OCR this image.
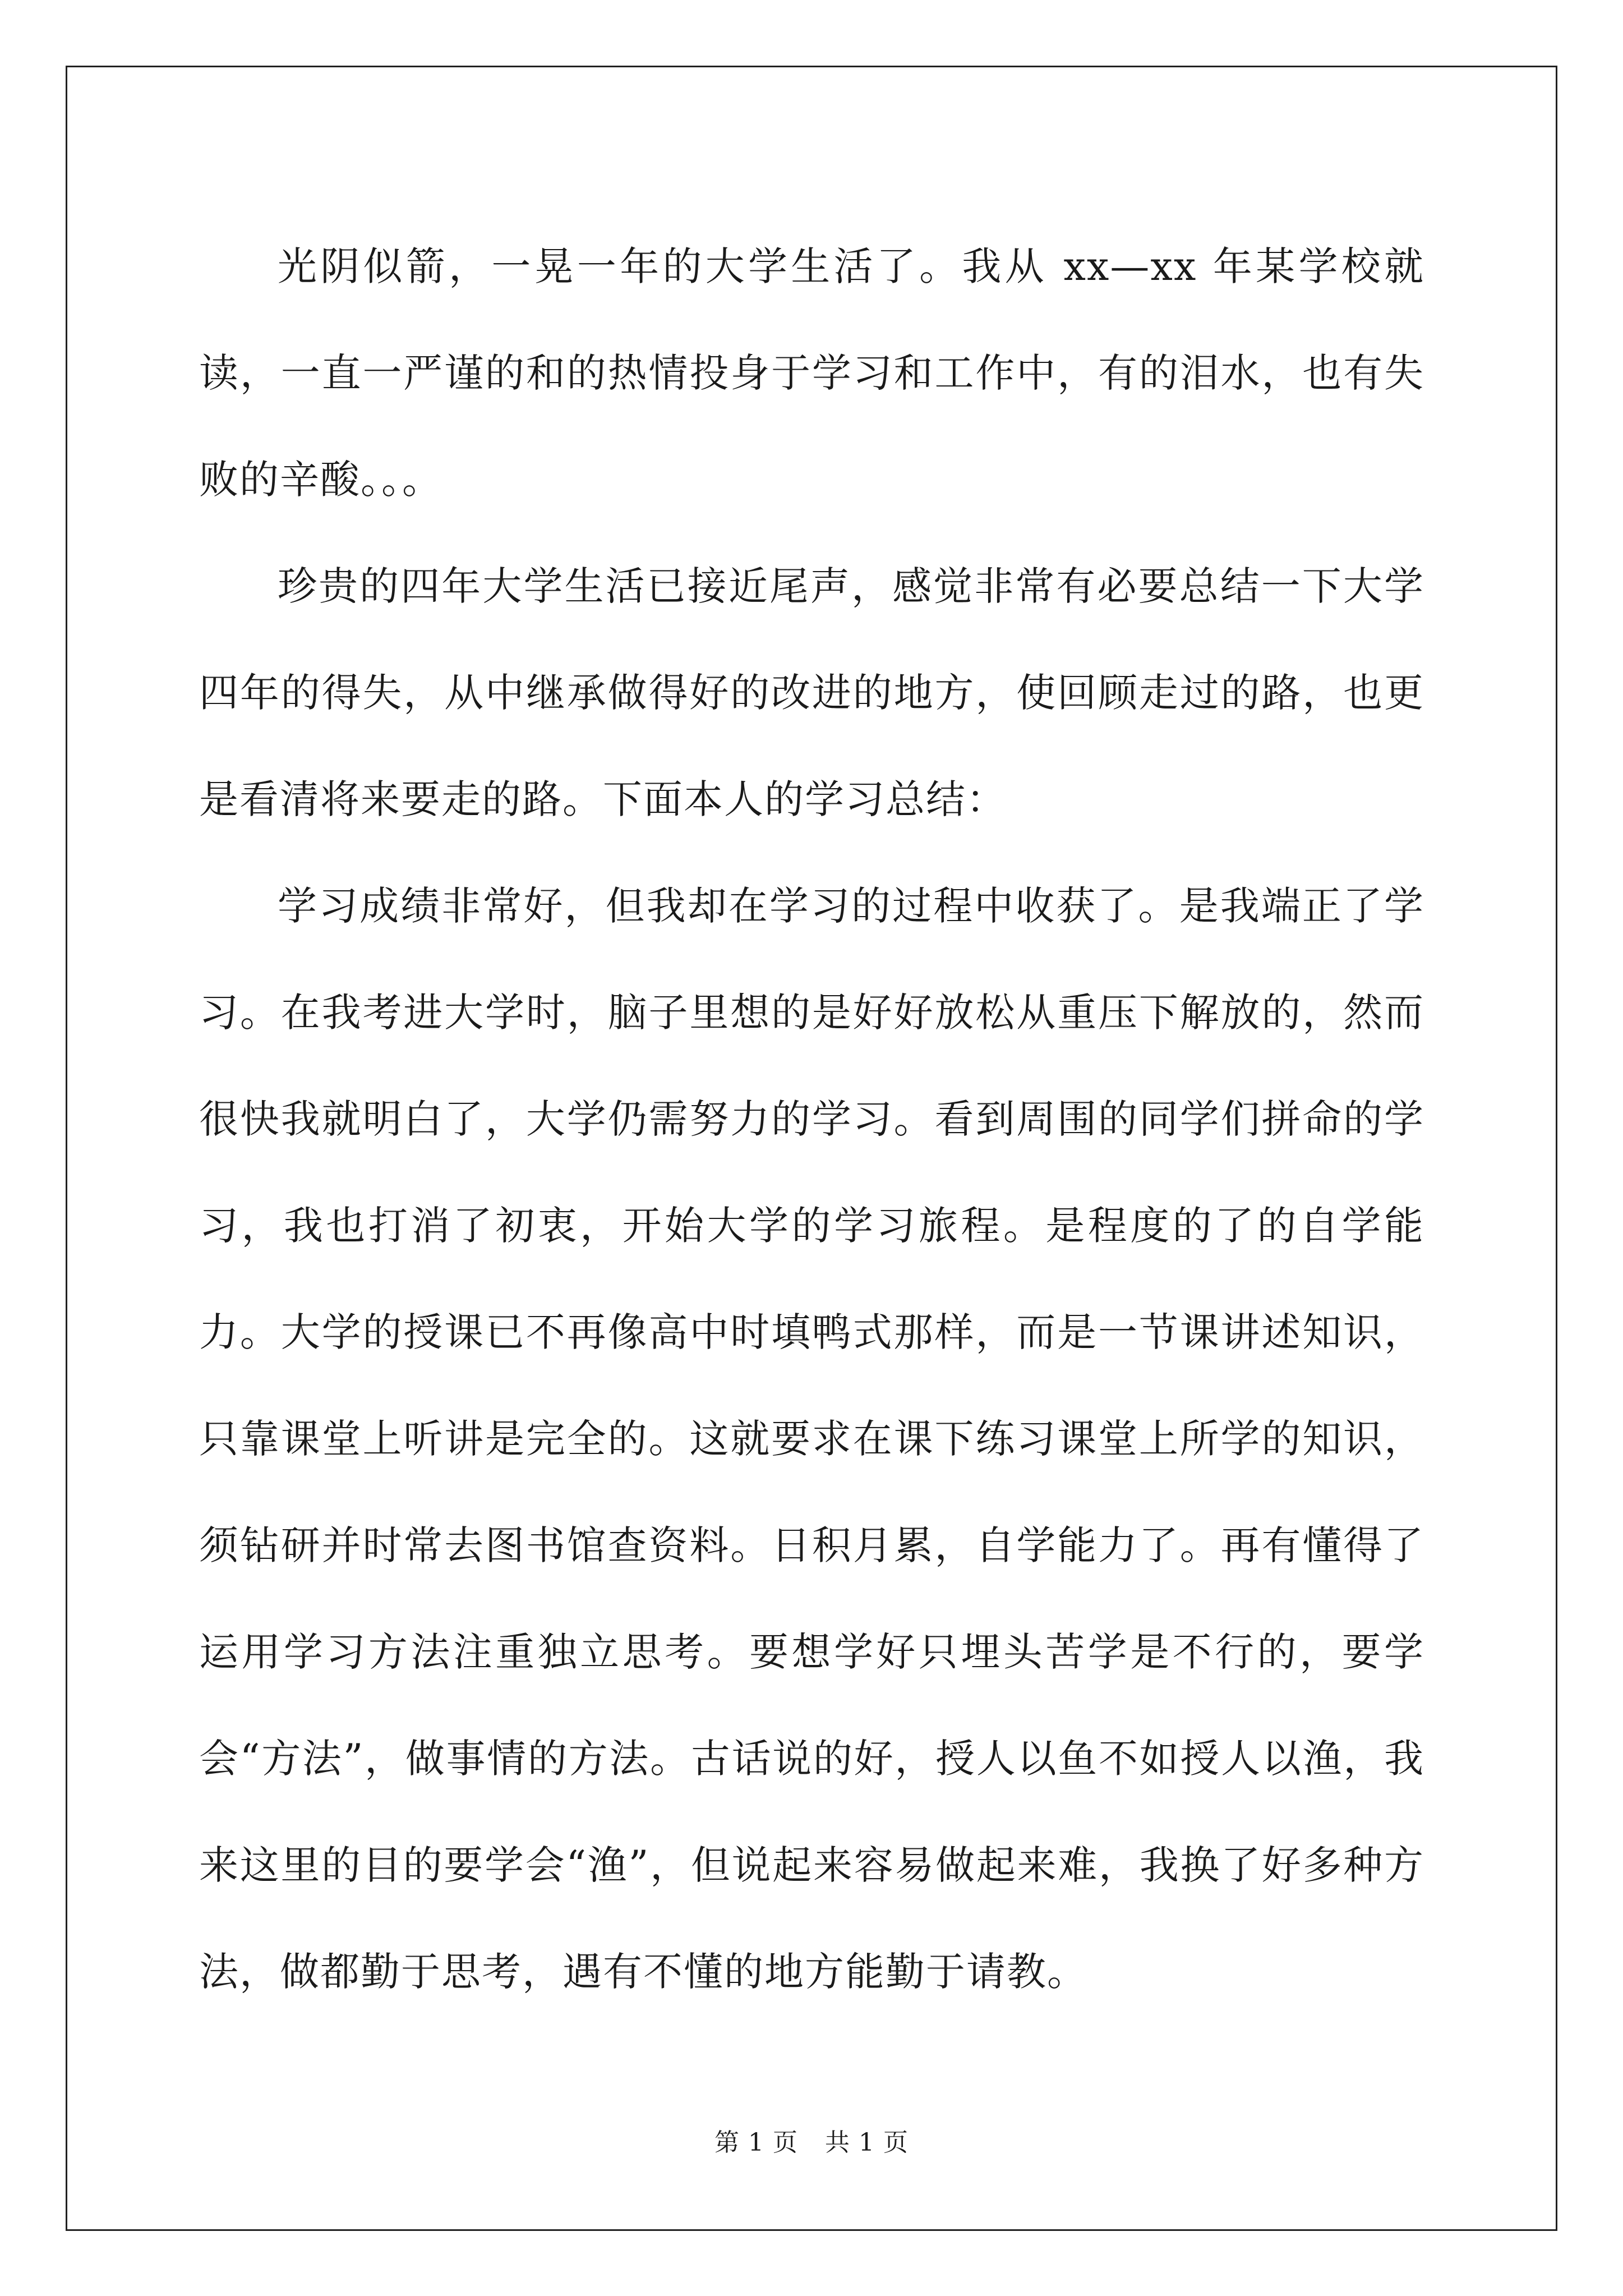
光阴似箭，一晃一年的大学生活了。我从 xx—xx 年某学校就读，一直一严谨的和的热情投身于学习和工作中，有的泪水，也有失败的辛酸。。。

珍贵的四年大学生活已接近尾声，感觉非常有必要总结一下大学四年的得失，从中继承做得好的改进的地方，使回顾走过的路，也更是看清将来要走的路。下面本人的学习总结：

学习成绩非常好，但我却在学习的过程中收获了。是我端正了学习。在我考进大学时，脑子里想的是好好放松从重压下解放的，然而很快我就明白了，大学仍需努力的学习。看到周围的同学们拼命的学习，我也打消了初衷，开始大学的学习旅程。是程度的了的自学能力。大学的授课已不再像高中时填鸭式那样，而是一节课讲述知识，只靠课堂上听讲是完全的。这就要求在课下练习课堂上所学的知识，须钻研并时常去图书馆查资料。日积月累，自学能力了。再有懂得了运用学习方法注重独立思考。要想学好只埋头苦学是不行的，要学会“方法”，做事情的方法。古话说的好，授人以鱼不如授人以渔，我来这里的目的要学会“渔”，但说起来容易做起来难，我换了好多种方法，做都勤于思考，遇有不懂的地方能勤于请教。

第 1 页 共 1 页
